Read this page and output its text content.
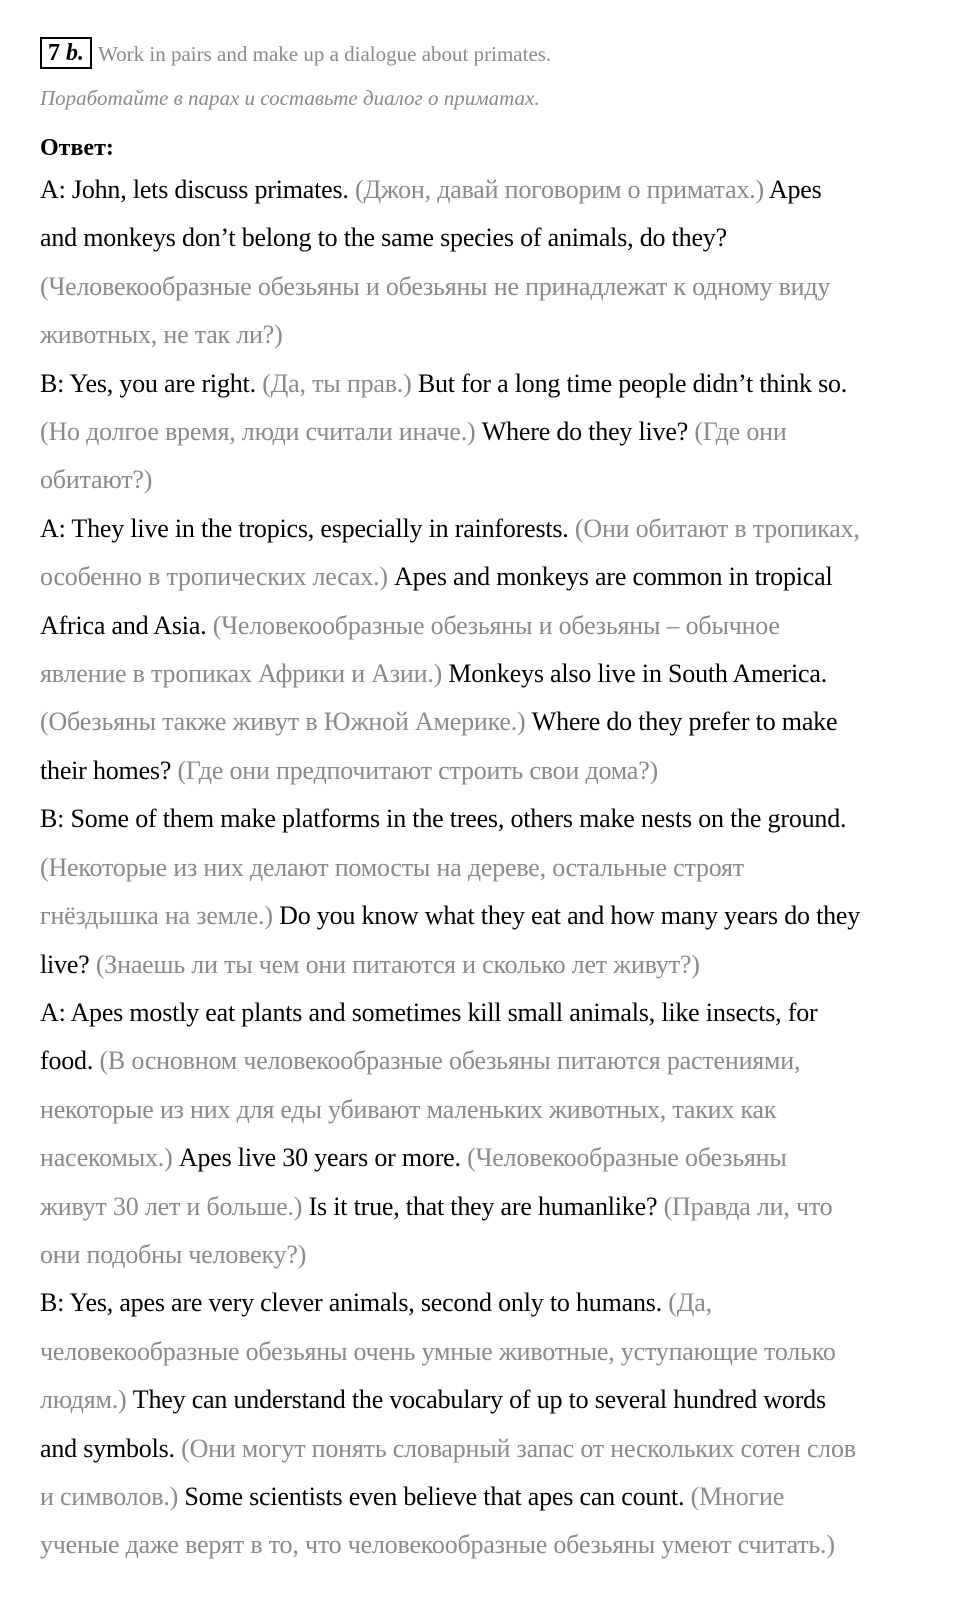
7 b. Work in pairs and make up a dialogue about primates.
Поработайте в парах и составьте диалог о приматах.
Ответ:
A: John, lets discuss primates. (Джон, давай поговорим о приматах.) Apes
and monkeys don’t belong to the same species of animals, do they?
(Человекообразные обезьяны и обезьяны не принадлежат к одному виду
животных, не так ли?)
B: Yes, you are right. (Да, ты прав.) But for a long time people didn’t think so.
(Но долгое время, люди считали иначе.) Where do they live? (Где они
обитают?)
A: They live in the tropics, especially in rainforests. (Они обитают в тропиках,
особенно в тропических лесах.) Apes and monkeys are common in tropical
Africa and Asia. (Человекообразные обезьяны и обезьяны – обычное
явление в тропиках Африки и Азии.) Monkeys also live in South America.
(Обезьяны также живут в Южной Америке.) Where do they prefer to make
their homes? (Где они предпочитают строить свои дома?)
B: Some of them make platforms in the trees, others make nests on the ground.
(Некоторые из них делают помосты на дереве, остальные строят
гнёздышка на земле.) Do you know what they eat and how many years do they
live? (Знаешь ли ты чем они питаются и сколько лет живут?)
A: Apes mostly eat plants and sometimes kill small animals, like insects, for
food. (В основном человекообразные обезьяны питаются растениями,
некоторые из них для еды убивают маленьких животных, таких как
насекомых.) Apes live 30 years or more. (Человекообразные обезьяны
живут 30 лет и больше.) Is it true, that they are humanlike? (Правда ли, что
они подобны человеку?)
B: Yes, apes are very clever animals, second only to humans. (Да,
человекообразные обезьяны очень умные животные, уступающие только
людям.) They can understand the vocabulary of up to several hundred words
and symbols. (Они могут понять словарный запас от нескольких сотен слов
и символов.) Some scientists even believe that apes can count. (Многие
ученые даже верят в то, что человекообразные обезьяны умеют считать.)
